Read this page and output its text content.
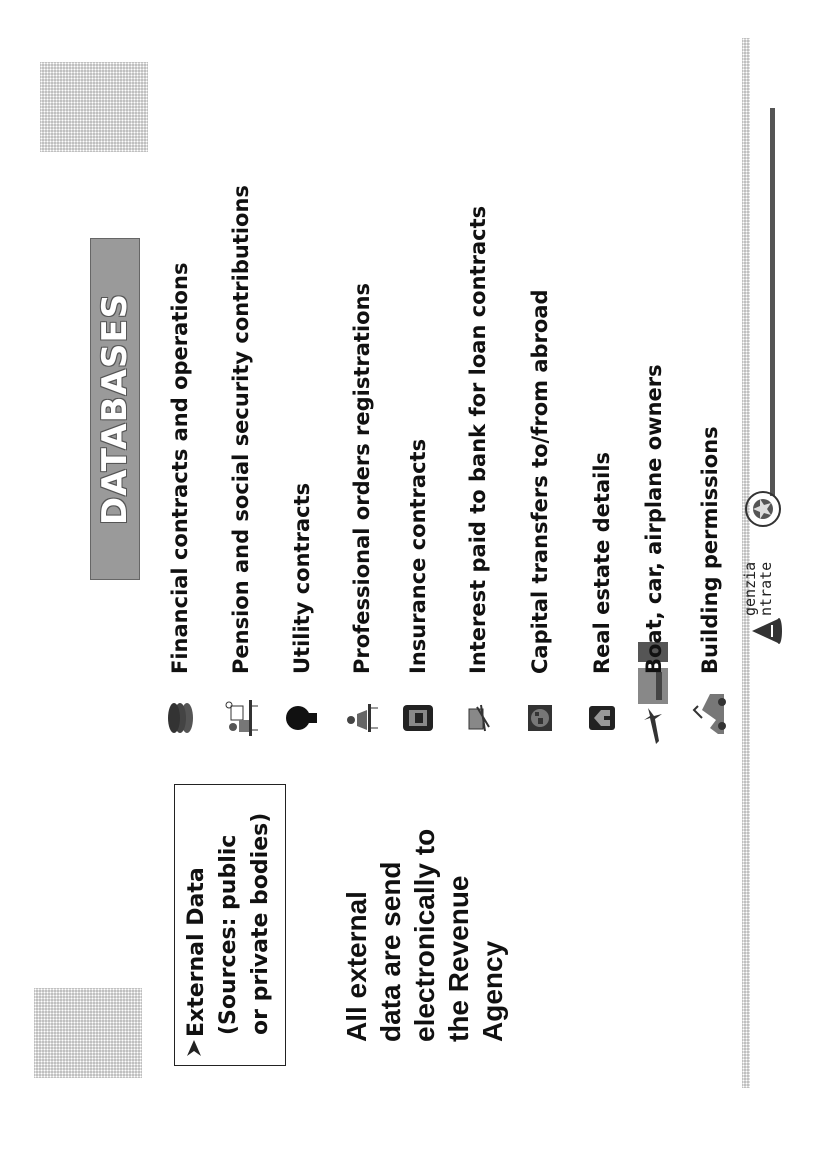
DATABASES
External Data (Sources: public or private bodies) All external data are send electronically to the Revenue Agency
Financial contracts and operations Pension and social security contributions Utility contracts Professional orders registrations Insurance contracts Interest paid to bank for loan contracts Capital transfers to/from abroad Real estate details Boat, car, airplane owners Building permissions genzia
ntrate
